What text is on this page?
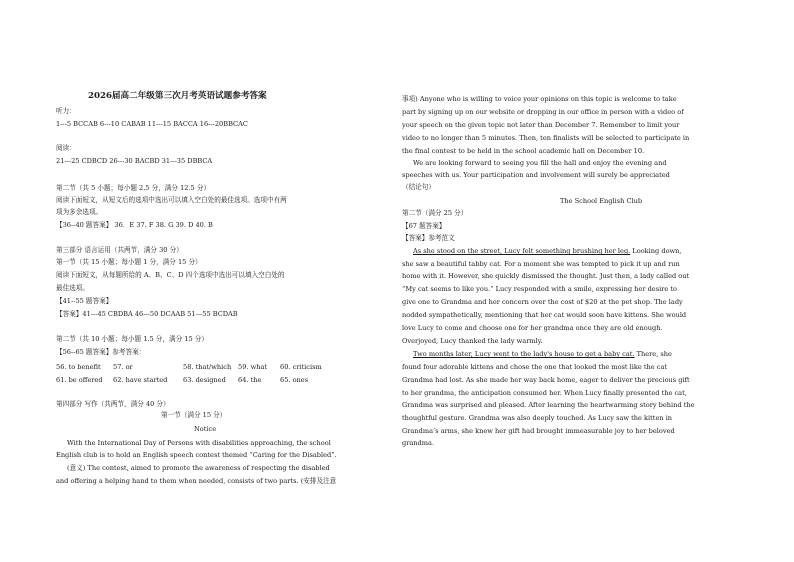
2026届高二年级第三次月考英语试题参考答案
听力：
1---5 BCCAB 6---10 CABAB 11---15 BACCA 16---20BBCAC
阅读：
21---25 CDBCD 26---30 BACBD 31---35 DBBCA
第二节（共 5 小题；每小题 2.5 分，满分 12.5 分）
阅读下面短文，从短文后的选项中选出可以填入空白处的最佳选项。选项中有两
项为多余选项。
【36--40 题答案】 36．E 37. F 38. G 39. D 40. B
第三部分 语言运用（共两节，满分 30 分）
第一节（共 15 小题；每小题 1 分，满分 15 分）
阅读下面短文，从每题所给的 A、B、C、D 四个选项中选出可以填入空白处的
最佳选项。
【41--55 题答案】
【答案】41---45 CBDBA 46---50 DCAAB 51---55 BCDAB
第二节（共 10 小题；每小题 1.5 分，满分 15 分）
【56--65 题答案】参考答案：
56. to benefit 57. or	58. that/which 59. what 60. criticism
61. be offered 62. have started 63. designed 64. the	65. ones
第四部分 写作（共两节，满分 40 分）
第一节（满分 15 分）
Notice
With the International Day of Persons with disabilities approaching, the school
English club is to hold an English speech contest themed “Caring for the Disabled”.
(意义) The contest, aimed to promote the awareness of respecting the disabled
and offering a helping hand to them when needed, consists of two parts. (安排及注意
事项) Anyone who is willing to voice your opinions on this topic is welcome to take
part by signing up on our website or dropping in our office in person with a video of
your speech on the given topic not later than December 7. Remember to limit your
video to no longer than 5 minutes. Then, ten finalists will be selected to participate in
the final contest to be held in the school academic hall on December 10.
We are looking forward to seeing you fill the hall and enjoy the evening and
speeches with us. Your participation and involvement will surely be appreciated
（结论句）
The School English Club
第二节（满分 25 分）
【67 题答案】
【答案】参考范文
As she stood on the street, Lucy felt something brushing her leg. Looking down,
she saw a beautiful tabby cat. For a moment she was tempted to pick it up and run
home with it. However, she quickly dismissed the thought. Just then, a lady called out
“My cat seems to like you.” Lucy responded with a smile, expressing her desire to
give one to Grandma and her concern over the cost of $20 at the pet shop. The lady
nodded sympathetically, mentioning that her cat would soon have kittens. She would
love Lucy to come and choose one for her grandma once they are old enough.
Overjoyed, Lucy thanked the lady warmly.
Two months later, Lucy went to the lady's house to get a baby cat. There, she
found four adorable kittens and chose the one that looked the most like the cat
Grandma had lost. As she made her way back home, eager to deliver the precious gift
to her grandma, the anticipation consumed her. When Lucy finally presented the cat,
Grandma was surprised and pleased. After learning the heartwarming story behind the
thoughtful gesture. Grandma was also deeply touched. As Lucy saw the kitten in
Grandma’s arms, she knew her gift had brought immeasurable joy to her beloved
grandma.
